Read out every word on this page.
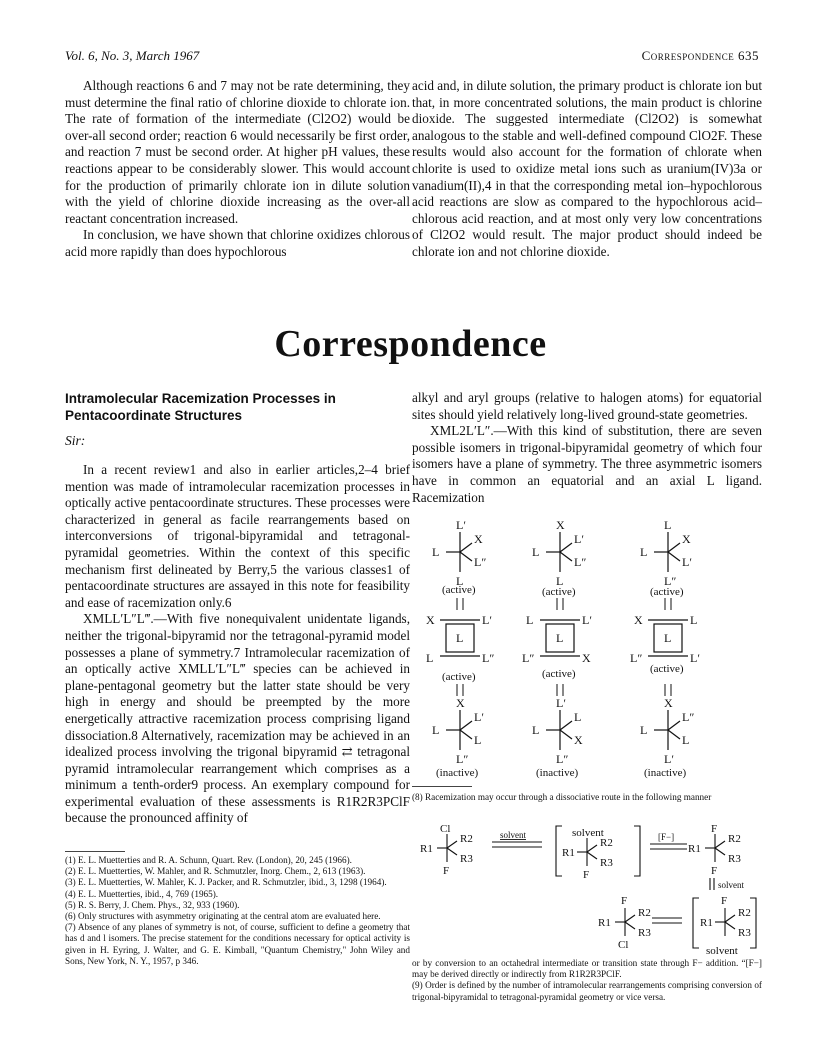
Vol. 6, No. 3, March 1967	Correspondence 635

Although reactions 6 and 7 may not be rate determining, they must determine the final ratio of chlorine dioxide to chlorate ion. The rate of formation of the intermediate (Cl2O2) would be over-all second order; reaction 6 would necessarily be first order, and reaction 7 must be second order. At higher pH values, these reactions appear to be considerably slower. This would account for the production of primarily chlorate ion in dilute solution with the yield of chlorine dioxide increasing as the over-all reactant concentration increased.

In conclusion, we have shown that chlorine oxidizes chlorous acid more rapidly than does hypochlorous

acid and, in dilute solution, the primary product is chlorate ion but that, in more concentrated solutions, the main product is chlorine dioxide. The suggested intermediate (Cl2O2) is somewhat analogous to the stable and well-defined compound ClO2F. These results would also account for the formation of chlorate when chlorite is used to oxidize metal ions such as uranium(IV)3a or vanadium(II),4 in that the corresponding metal ion–hypochlorous acid reactions are slow as compared to the hypochlorous acid–chlorous acid reaction, and at most only very low concentrations of Cl2O2 would result. The major product should indeed be chlorate ion and not chlorine dioxide.

Correspondence
Intramolecular Racemization Processes in Pentacoordinate Structures
Sir:

In a recent review1 and also in earlier articles,2–4 brief mention was made of intramolecular racemization processes in optically active pentacoordinate structures. These processes were characterized in general as facile rearrangements based on interconversions of trigonal-bipyramidal and tetragonal-pyramidal geometries. Within the context of this specific mechanism first delineated by Berry,5 the various classes1 of pentacoordinate structures are assayed in this note for feasibility and ease of racemization only.6

XMLL′L″L‴.—With five nonequivalent unidentate ligands, neither the trigonal-bipyramid nor the tetragonal-pyramid model possesses a plane of symmetry.7 Intramolecular racemization of an optically active XMLL′L″L‴ species can be achieved in plane-pentagonal geometry but the latter state should be very high in energy and should be preempted by the more energetically attractive racemization process comprising ligand dissociation.8 Alternatively, racemization may be achieved in an idealized process involving the trigonal bipyramid ⇄ tetragonal pyramid intramolecular rearrangement which comprises as a minimum a tenth-order9 process. An exemplary compound for experimental evaluation of these assessments is R1R2R3PClF because the pronounced affinity of

alkyl and aryl groups (relative to halogen atoms) for equatorial sites should yield relatively long-lived ground-state geometries.

XML2L′L″.—With this kind of substitution, there are seven possible isomers in trigonal-bipyramidal geometry of which four isomers have a plane of symmetry. The three asymmetric isomers have in common an equatorial and an axial L ligand. Racemization

L′
L
X
L″
L
X
L
L′
L″
L
L
L
X
L′
L″
L
X	L′
L	L″
L
L	L′
L″	X
L
X	L
L″	L′
X
L
L′
L
L″
L′
L
L
X
L″
X
L
L″
L
L′
(active)	(active)	(active)
(active)	(active)	(active)
(inactive)	(inactive)	(inactive)

(8) Racemization may occur through a dissociative route in the following manner

Cl
R1
R2
R3
F
solvent	solvent
R1
R2
R3
F
[F−]
F
R1
R2
R3
F
solvent
F
R1
R2
R3
Cl
F
R1
R2
R3
solvent

or by conversion to an octahedral intermediate or transition state through F− addition. “[F−] may be derived directly or indirectly from R1R2R3PClF.

(9) Order is defined by the number of intramolecular rearrangements comprising conversion of trigonal-bipyramidal to tetragonal-pyramidal geometry or vice versa.

(1) E. L. Muetterties and R. A. Schunn, Quart. Rev. (London), 20, 245 (1966).

(2) E. L. Muetterties, W. Mahler, and R. Schmutzler, Inorg. Chem., 2, 613 (1963).

(3) E. L. Muetterties, W. Mahler, K. J. Packer, and R. Schmutzler, ibid., 3, 1298 (1964).

(4) E. L. Muetterties, ibid., 4, 769 (1965).

(5) R. S. Berry, J. Chem. Phys., 32, 933 (1960).

(6) Only structures with asymmetry originating at the central atom are evaluated here.

(7) Absence of any planes of symmetry is not, of course, sufficient to define a geometry that has d and l isomers. The precise statement for the conditions necessary for optical activity is given in H. Eyring, J. Walter, and G. E. Kimball, "Quantum Chemistry," John Wiley and Sons, New York, N. Y., 1957, p 346.
